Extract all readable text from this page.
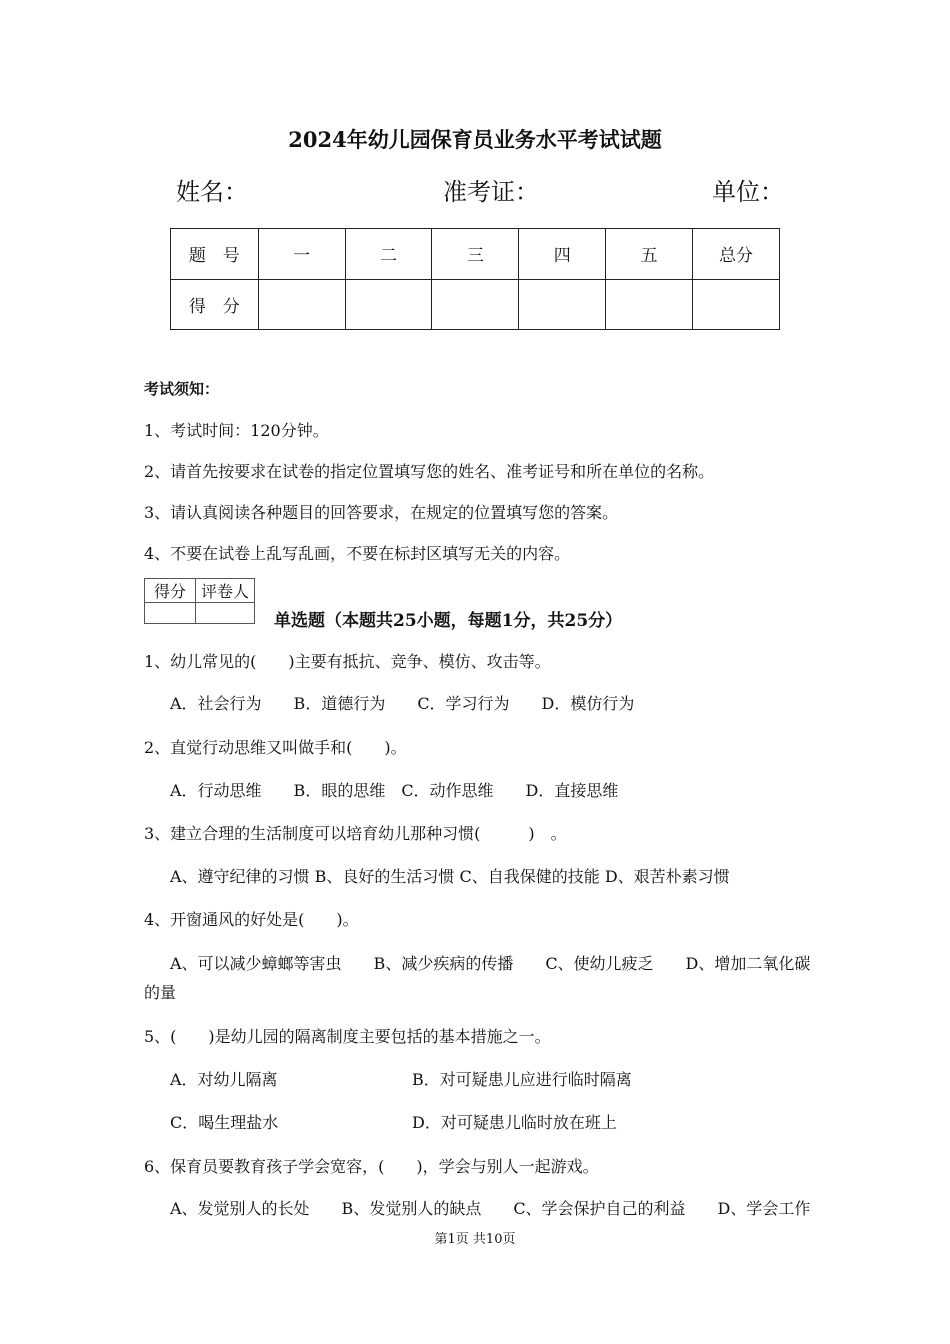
2024年幼儿园保育员业务水平考试试题
姓名：	准考证：	单位：
题　号	一	二	三	四	五	总分
得　分						
考试须知：
1、考试时间：120分钟。
2、请首先按要求在试卷的指定位置填写您的姓名、准考证号和所在单位的名称。
3、请认真阅读各种题目的回答要求，在规定的位置填写您的答案。
4、不要在试卷上乱写乱画，不要在标封区填写无关的内容。
得分	评卷人

单选题（本题共25小题，每题1分，共25分）
1、幼儿常见的(　　)主要有抵抗、竞争、模仿、攻击等。
A．社会行为　　B．道德行为　　C．学习行为　　D．模仿行为
2、直觉行动思维又叫做手和(　　)。
A．行动思维　　B．眼的思维　C．动作思维　　D．直接思维
3、建立合理的生活制度可以培育幼儿那种习惯(　　　)　。
A、遵守纪律的习惯 B、良好的生活习惯 C、自我保健的技能 D、艰苦朴素习惯
4、开窗通风的好处是(　　)。
A、可以减少蟑螂等害虫　　B、减少疾病的传播　　C、使幼儿疲乏　　D、增加二氧化碳
的量
5、(　　)是幼儿园的隔离制度主要包括的基本措施之一。
A．对幼儿隔离	B．对可疑患儿应进行临时隔离
C．喝生理盐水	D．对可疑患儿临时放在班上
6、保育员要教育孩子学会宽容，(　　)，学会与别人一起游戏。
A、发觉别人的长处　　B、发觉别人的缺点　　C、学会保护自己的利益　　D、学会工作
第1页 共10页
